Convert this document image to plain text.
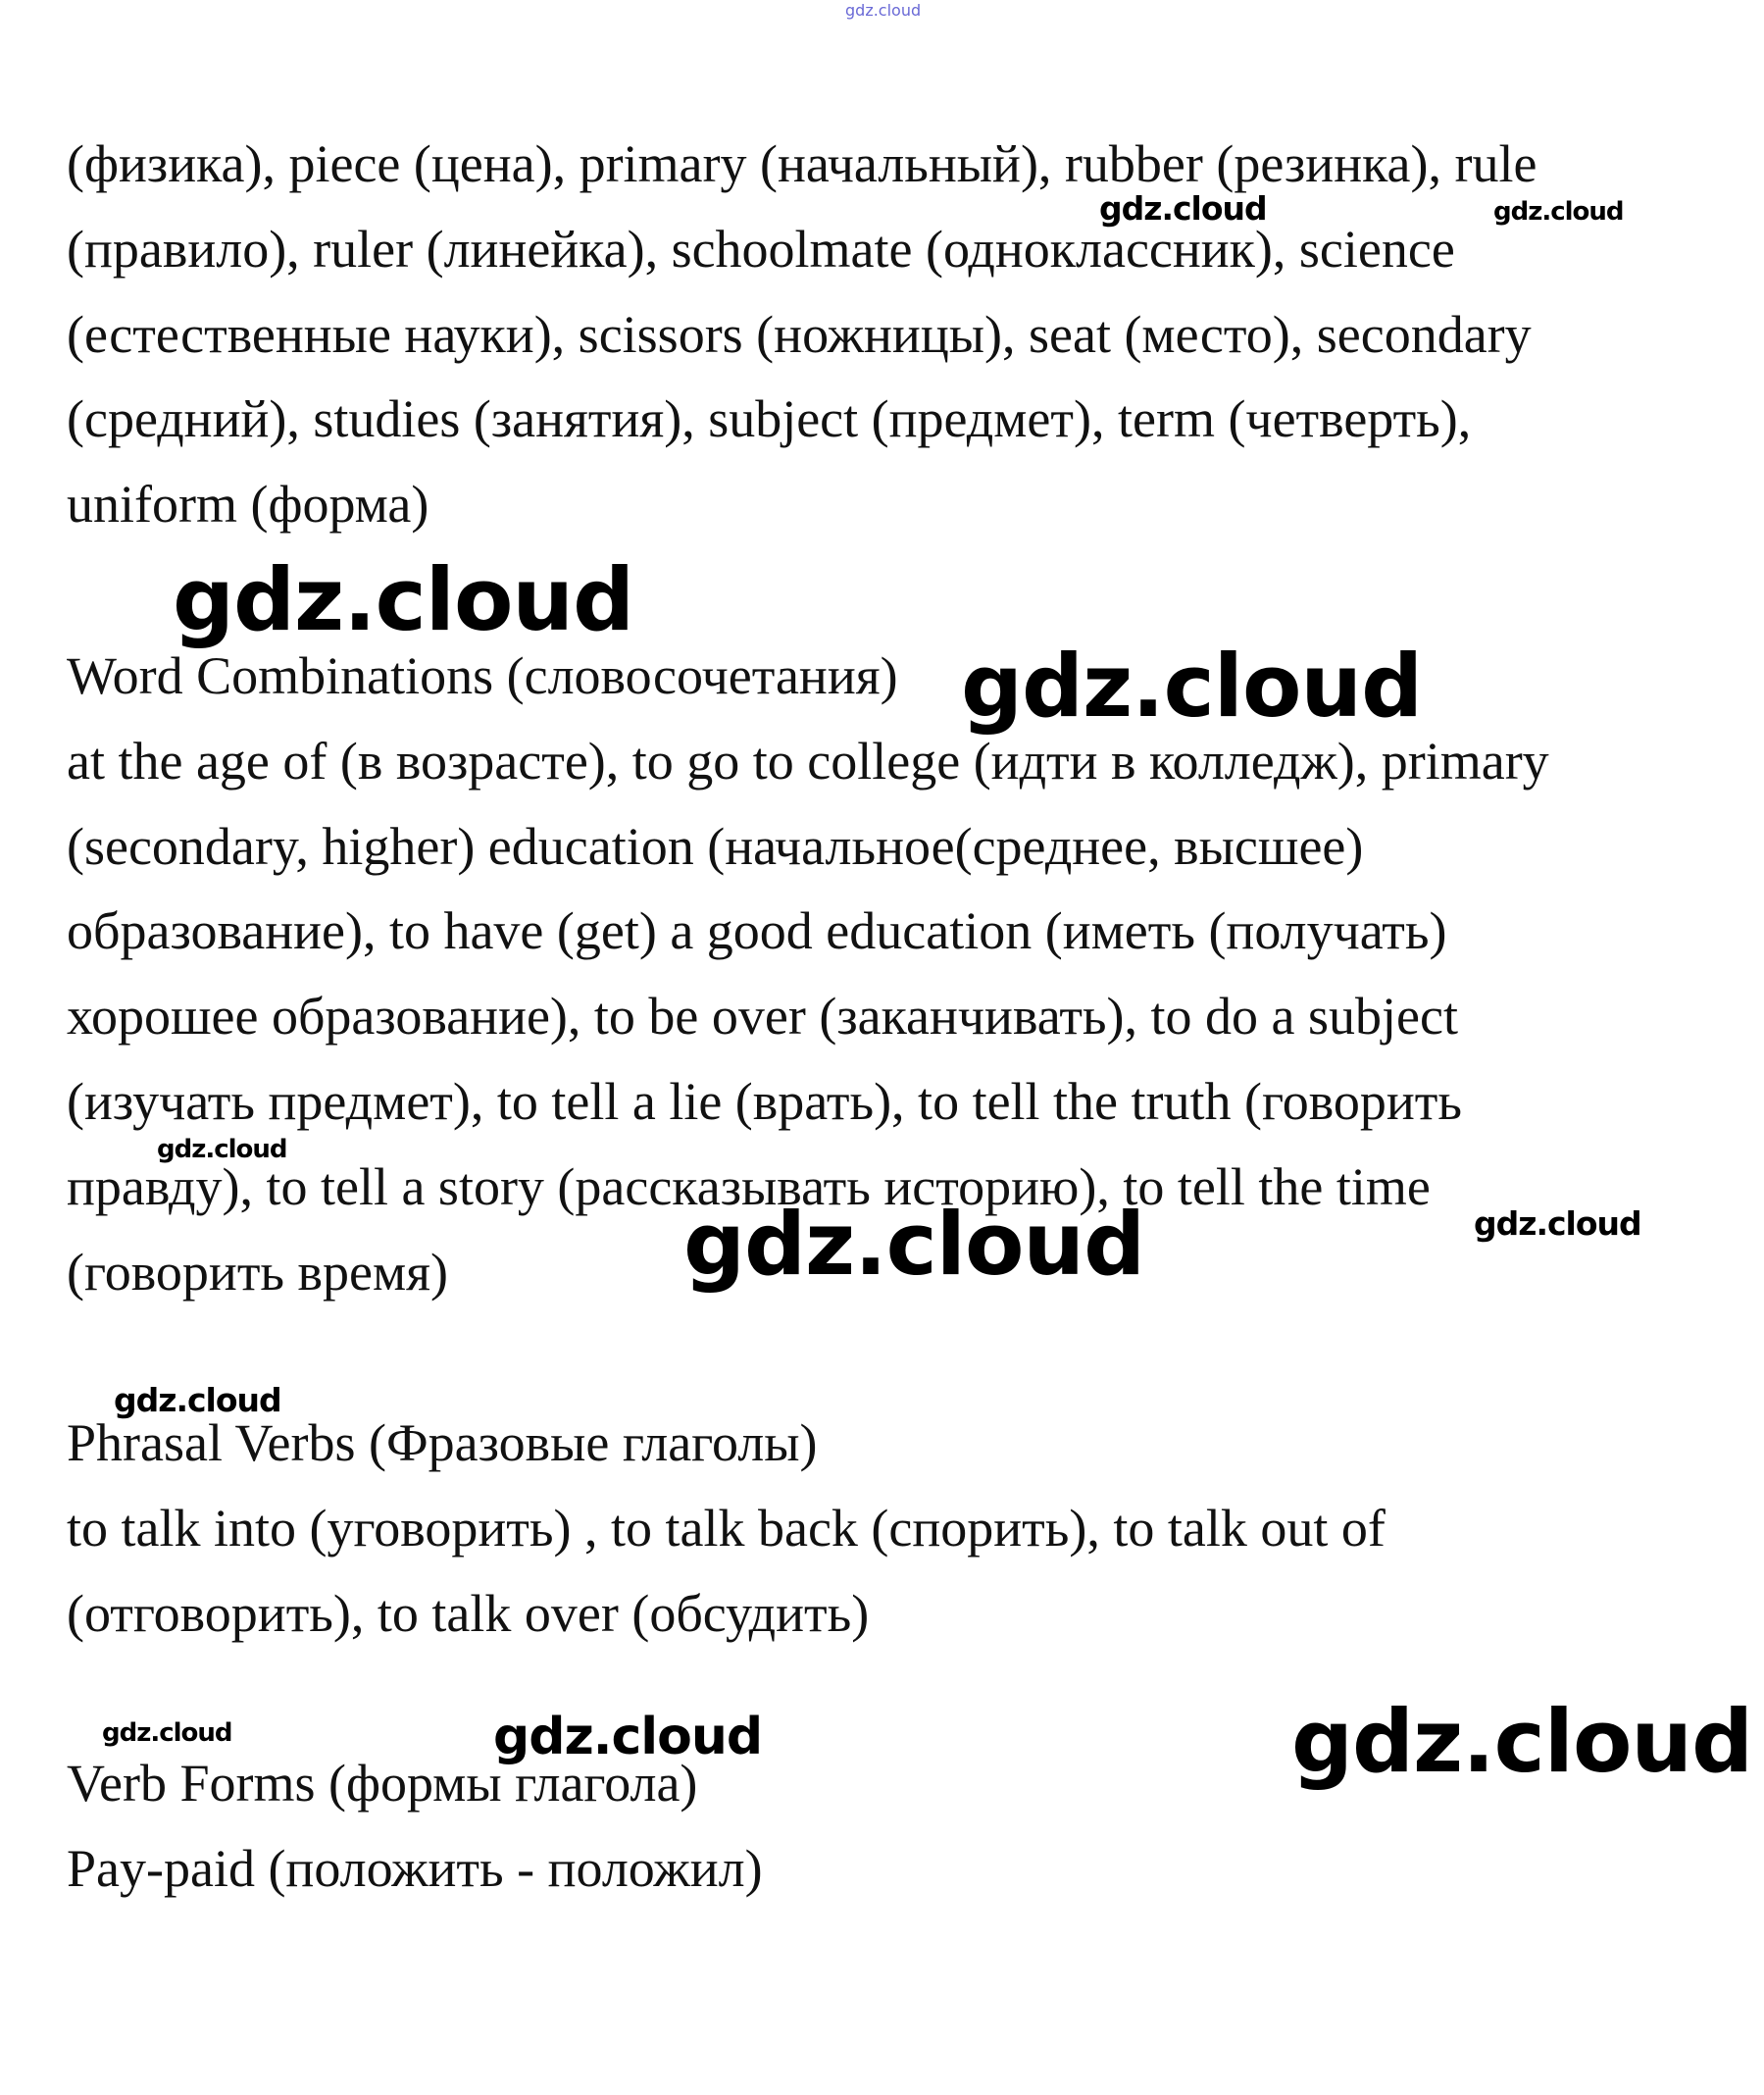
gdz.cloud

(физика), piece (цена), primary (начальный), rubber (резинка), rule

(правило), ruler (линейка), schoolmate (одноклассник), science

(естественные науки), scissors (ножницы), seat (место), secondary

(средний), studies (занятия), subject (предмет), term (четверть),

uniform (форма)

Word Combinations (словосочетания)

at the age of (в возрасте), to go to college (идти в колледж), primary

(secondary, higher) education (начальное(среднее, высшее)

образование), to have (get) a good education (иметь (получать)

хорошее образование), to be over (заканчивать), to do a subject

(изучать предмет), to tell a lie (врать), to tell the truth (говорить

правду), to tell a story (рассказывать историю), to tell the time

(говорить время)

Phrasal Verbs (Фразовые глаголы)

to talk into (уговорить) , to talk back (спорить), to talk out of

(отговорить), to talk over (обсудить)

Verb Forms (формы глагола)

Pay-paid (положить - положил)

gdz.cloud	gdz.cloud
gdz.cloud
gdz.cloud
gdz.cloud
gdz.cloud	gdz.cloud
gdz.cloud
gdz.cloud	gdz.cloud	gdz.cloud
